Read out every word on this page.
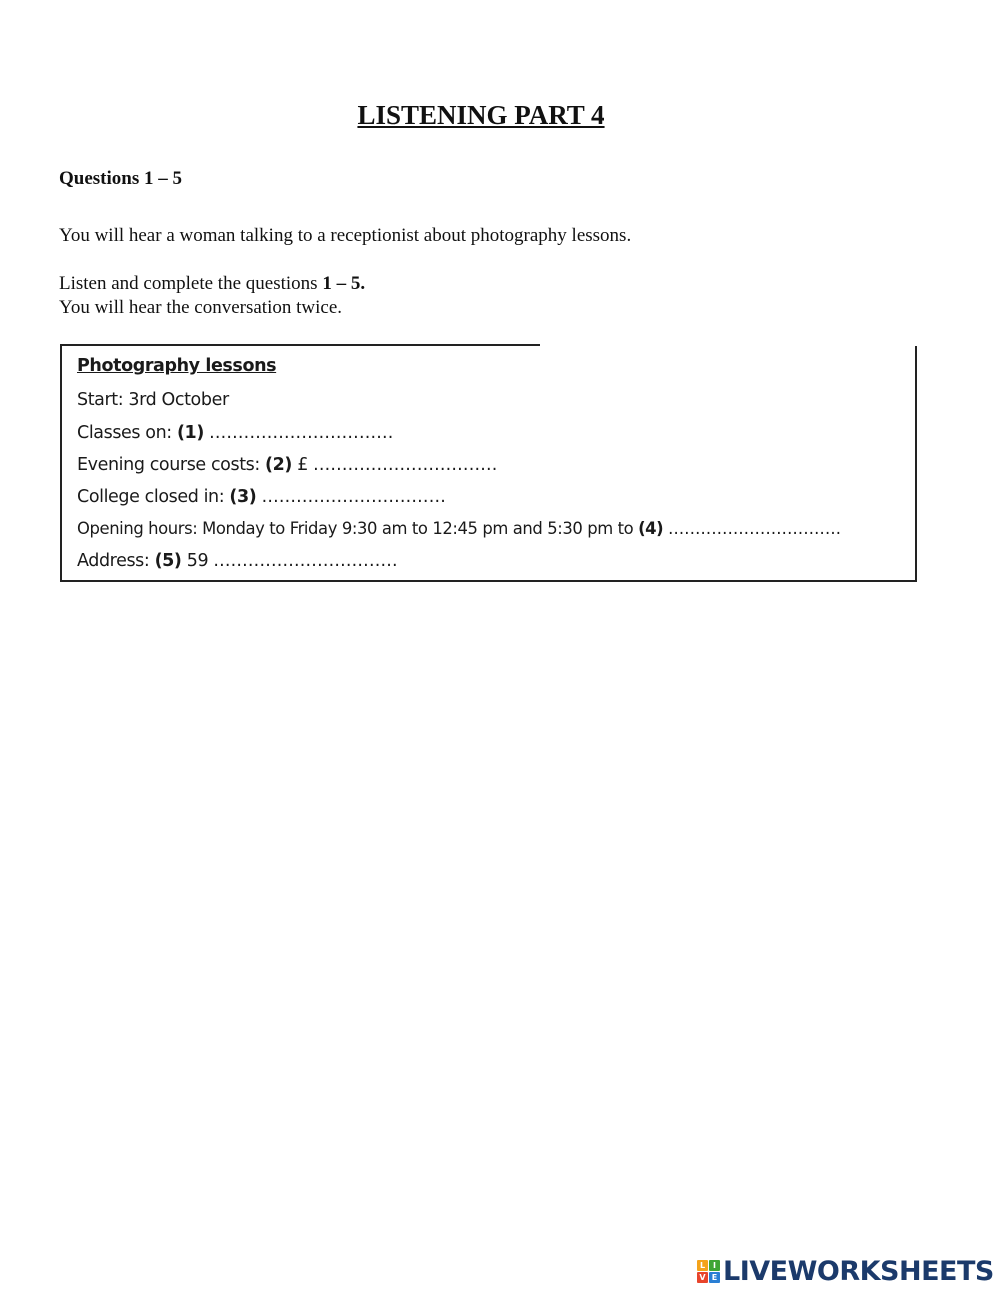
LISTENING PART 4

Questions 1 – 5

You will hear a woman talking to a receptionist about photography lessons.

Listen and complete the questions 1 – 5.
You will hear the conversation twice.

Photography lessons
Start: 3rd October
Classes on: (1) ................................
Evening course costs: (2) £ ................................
College closed in: (3) ................................
Opening hours: Monday to Friday 9:30 am to 12:45 pm and 5:30 pm to (4) ................................
Address: (5) 59 ................................
L I
V E LIVEWORKSHEETS
